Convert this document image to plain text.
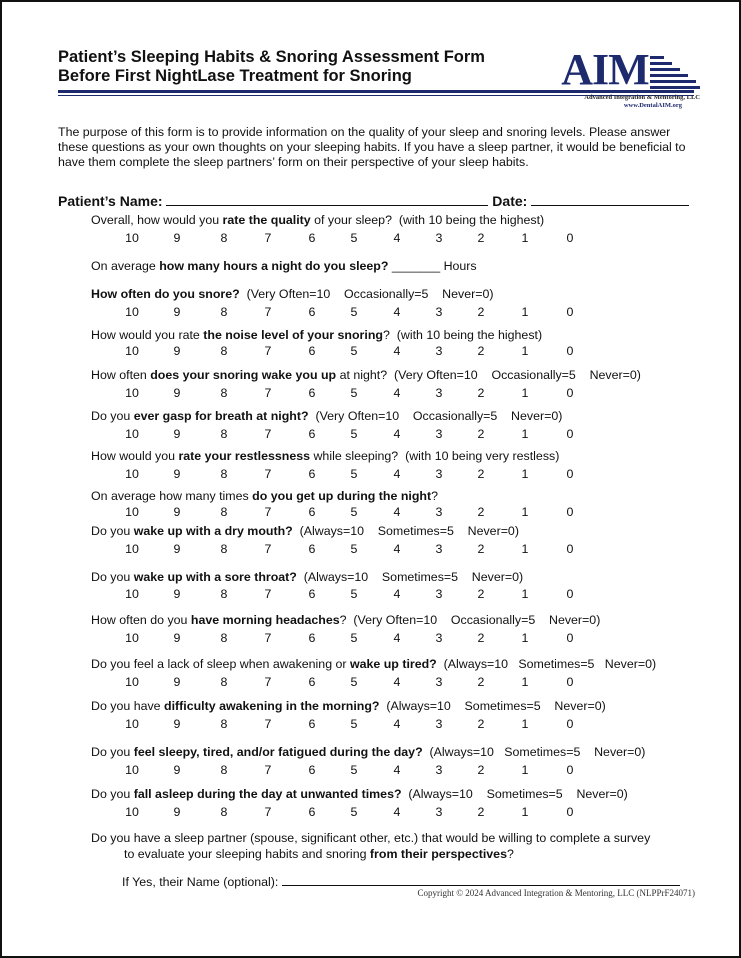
Patient’s Sleeping Habits & Snoring Assessment Form
Before First NightLase Treatment for Snoring	AIM
Advanced Integration & Mentoring, LLC
www.DentalAIM.org
The purpose of this form is to provide information on the quality of your sleep and snoring levels. Please answer these questions as your own thoughts on your sleeping habits. If you have a sleep partner, it would be beneficial to have them complete the sleep partners’ form on their perspective of your sleep habits.
Patient’s Name:	Date:
Overall, how would you rate the quality of your sleep?  (with 10 being the highest)
10	9	8	7	6	5	4	3	2	1	0
On average how many hours a night do you sleep? _______ Hours
How often do you snore?  (Very Often=10    Occasionally=5    Never=0)
10	9	8	7	6	5	4	3	2	1	0
How would you rate the noise level of your snoring?  (with 10 being the highest)
10	9	8	7	6	5	4	3	2	1	0
How often does your snoring wake you up at night?  (Very Often=10    Occasionally=5    Never=0)
10	9	8	7	6	5	4	3	2	1	0
Do you ever gasp for breath at night?  (Very Often=10    Occasionally=5    Never=0)
10	9	8	7	6	5	4	3	2	1	0
How would you rate your restlessness while sleeping?  (with 10 being very restless)
10	9	8	7	6	5	4	3	2	1	0
On average how many times do you get up during the night?
10	9	8	7	6	5	4	3	2	1	0
Do you wake up with a dry mouth?  (Always=10    Sometimes=5    Never=0)
10	9	8	7	6	5	4	3	2	1	0
Do you wake up with a sore throat?  (Always=10    Sometimes=5    Never=0)
10	9	8	7	6	5	4	3	2	1	0
How often do you have morning headaches?  (Very Often=10    Occasionally=5    Never=0)
10	9	8	7	6	5	4	3	2	1	0
Do you feel a lack of sleep when awakening or wake up tired?  (Always=10   Sometimes=5   Never=0)
10	9	8	7	6	5	4	3	2	1	0
Do you have difficulty awakening in the morning?  (Always=10    Sometimes=5    Never=0)
10	9	8	7	6	5	4	3	2	1	0
Do you feel sleepy, tired, and/or fatigued during the day?  (Always=10   Sometimes=5    Never=0)
10	9	8	7	6	5	4	3	2	1	0
Do you fall asleep during the day at unwanted times?  (Always=10    Sometimes=5    Never=0)
10	9	8	7	6	5	4	3	2	1	0
Do you have a sleep partner (spouse, significant other, etc.) that would be willing to complete a survey
to evaluate your sleeping habits and snoring from their perspectives?
If Yes, their Name (optional):
Copyright © 2024 Advanced Integration & Mentoring, LLC (NLPPrF24071)
